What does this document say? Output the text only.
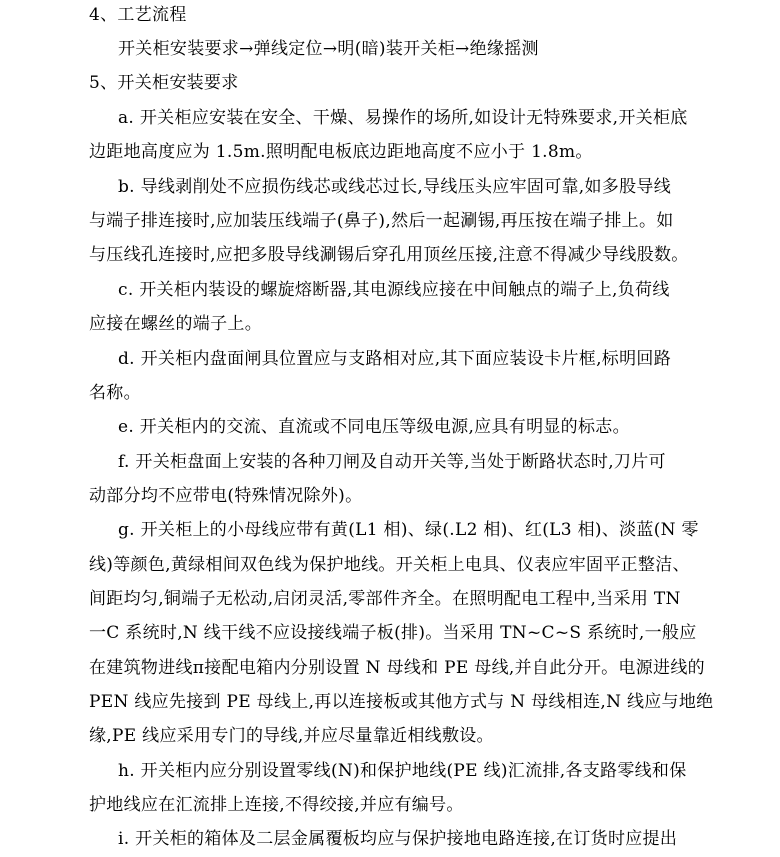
4、工艺流程
开关柜安装要求→弹线定位→明(暗)装开关柜→绝缘摇测
5、开关柜安装要求
a. 开关柜应安装在安全、干燥、易操作的场所,如设计无特殊要求,开关柜底
边距地高度应为 1.5m.照明配电板底边距地高度不应小于 1.8m。
b. 导线剥削处不应损伤线芯或线芯过长,导线压头应牢固可靠,如多股导线
与端子排连接时,应加装压线端子(鼻子),然后一起涮锡,再压按在端子排上。如
与压线孔连接时,应把多股导线涮锡后穿孔用顶丝压接,注意不得减少导线股数。
c. 开关柜内装设的螺旋熔断器,其电源线应接在中间触点的端子上,负荷线
应接在螺丝的端子上。
d. 开关柜内盘面闸具位置应与支路相对应,其下面应装设卡片框,标明回路
名称。
e. 开关柜内的交流、直流或不同电压等级电源,应具有明显的标志。
f. 开关柜盘面上安装的各种刀闸及自动开关等,当处于断路状态时,刀片可
动部分均不应带电(特殊情况除外)。
g. 开关柜上的小母线应带有黄(L1 相)、绿(.L2 相)、红(L3 相)、淡蓝(N 零
线)等颜色,黄绿相间双色线为保护地线。开关柜上电具、仪表应牢固平正整洁、
间距均匀,铜端子无松动,启闭灵活,零部件齐全。在照明配电工程中,当采用 TN
一C 系统时,N 线干线不应设接线端子板(排)。当采用 TN~C~S 系统时,一般应
在建筑物进线π接配电箱内分别设置 N 母线和 PE 母线,并自此分开。电源进线的
PEN 线应先接到 PE 母线上,再以连接板或其他方式与 N 母线相连,N 线应与地绝
缘,PE 线应采用专门的导线,并应尽量靠近相线敷设。
h. 开关柜内应分别设置零线(N)和保护地线(PE 线)汇流排,各支路零线和保
护地线应在汇流排上连接,不得绞接,并应有编号。
i. 开关柜的箱体及二层金属覆板均应与保护接地电路连接,在订货时应提出
